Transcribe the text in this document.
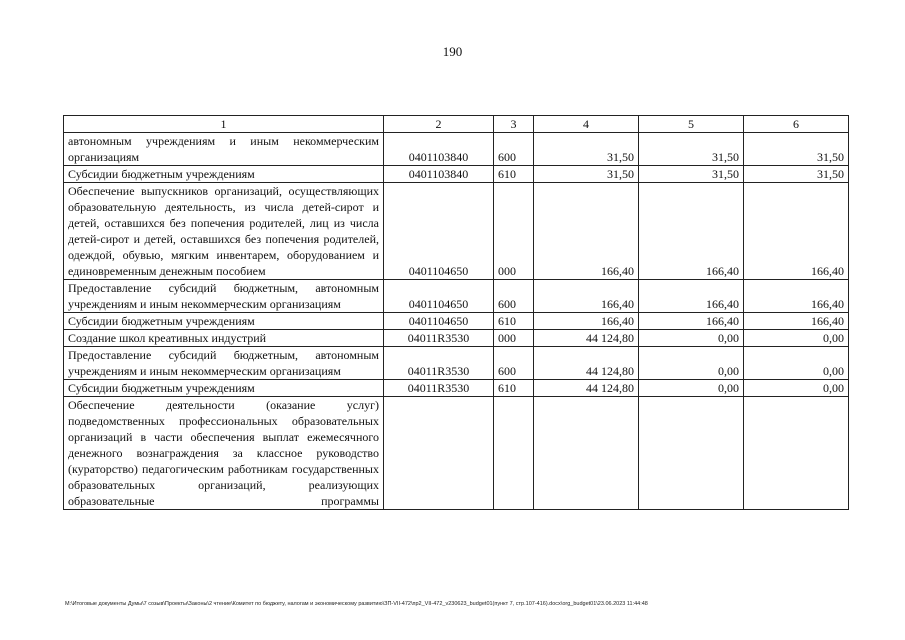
190
1	2	3	4	5	6
автономным учреждениям и иным некоммерческим организациям	0401103840	600	31,50	31,50	31,50
Субсидии бюджетным учреждениям	0401103840	610	31,50	31,50	31,50
Обеспечение выпускников организаций, осуществляющих образовательную деятельность, из числа детей-сирот и детей, оставшихся без попечения родителей, лиц из числа детей-сирот и детей, оставшихся без попечения родителей, одеждой, обувью, мягким инвентарем, оборудованием и единовременным денежным пособием	0401104650	000	166,40	166,40	166,40
Предоставление субсидий бюджетным, автономным учреждениям и иным некоммерческим организациям	0401104650	600	166,40	166,40	166,40
Субсидии бюджетным учреждениям	0401104650	610	166,40	166,40	166,40
Создание школ креативных индустрий	04011R3530	000	44 124,80	0,00	0,00
Предоставление субсидий бюджетным, автономным учреждениям и иным некоммерческим организациям	04011R3530	600	44 124,80	0,00	0,00
Субсидии бюджетным учреждениям	04011R3530	610	44 124,80	0,00	0,00
Обеспечение деятельности (оказание услуг) подведомственных профессиональных образовательных организаций в части обеспечения выплат ежемесячного денежного вознаграждения за классное руководство (кураторство) педагогическим работникам государственных образовательных организаций, реализующих образовательные программы					
M:\Итоговые документы Думы\7 созыв\Проекты\Законы\2 чтение\Комитет по бюджету, налогам и экономическому развитию\ЗП-VII-472\пр2_VII-472_v230623_budget01(пункт 7, стр.107-416).docx\org_budget01\23.06.2023 11:44:48
